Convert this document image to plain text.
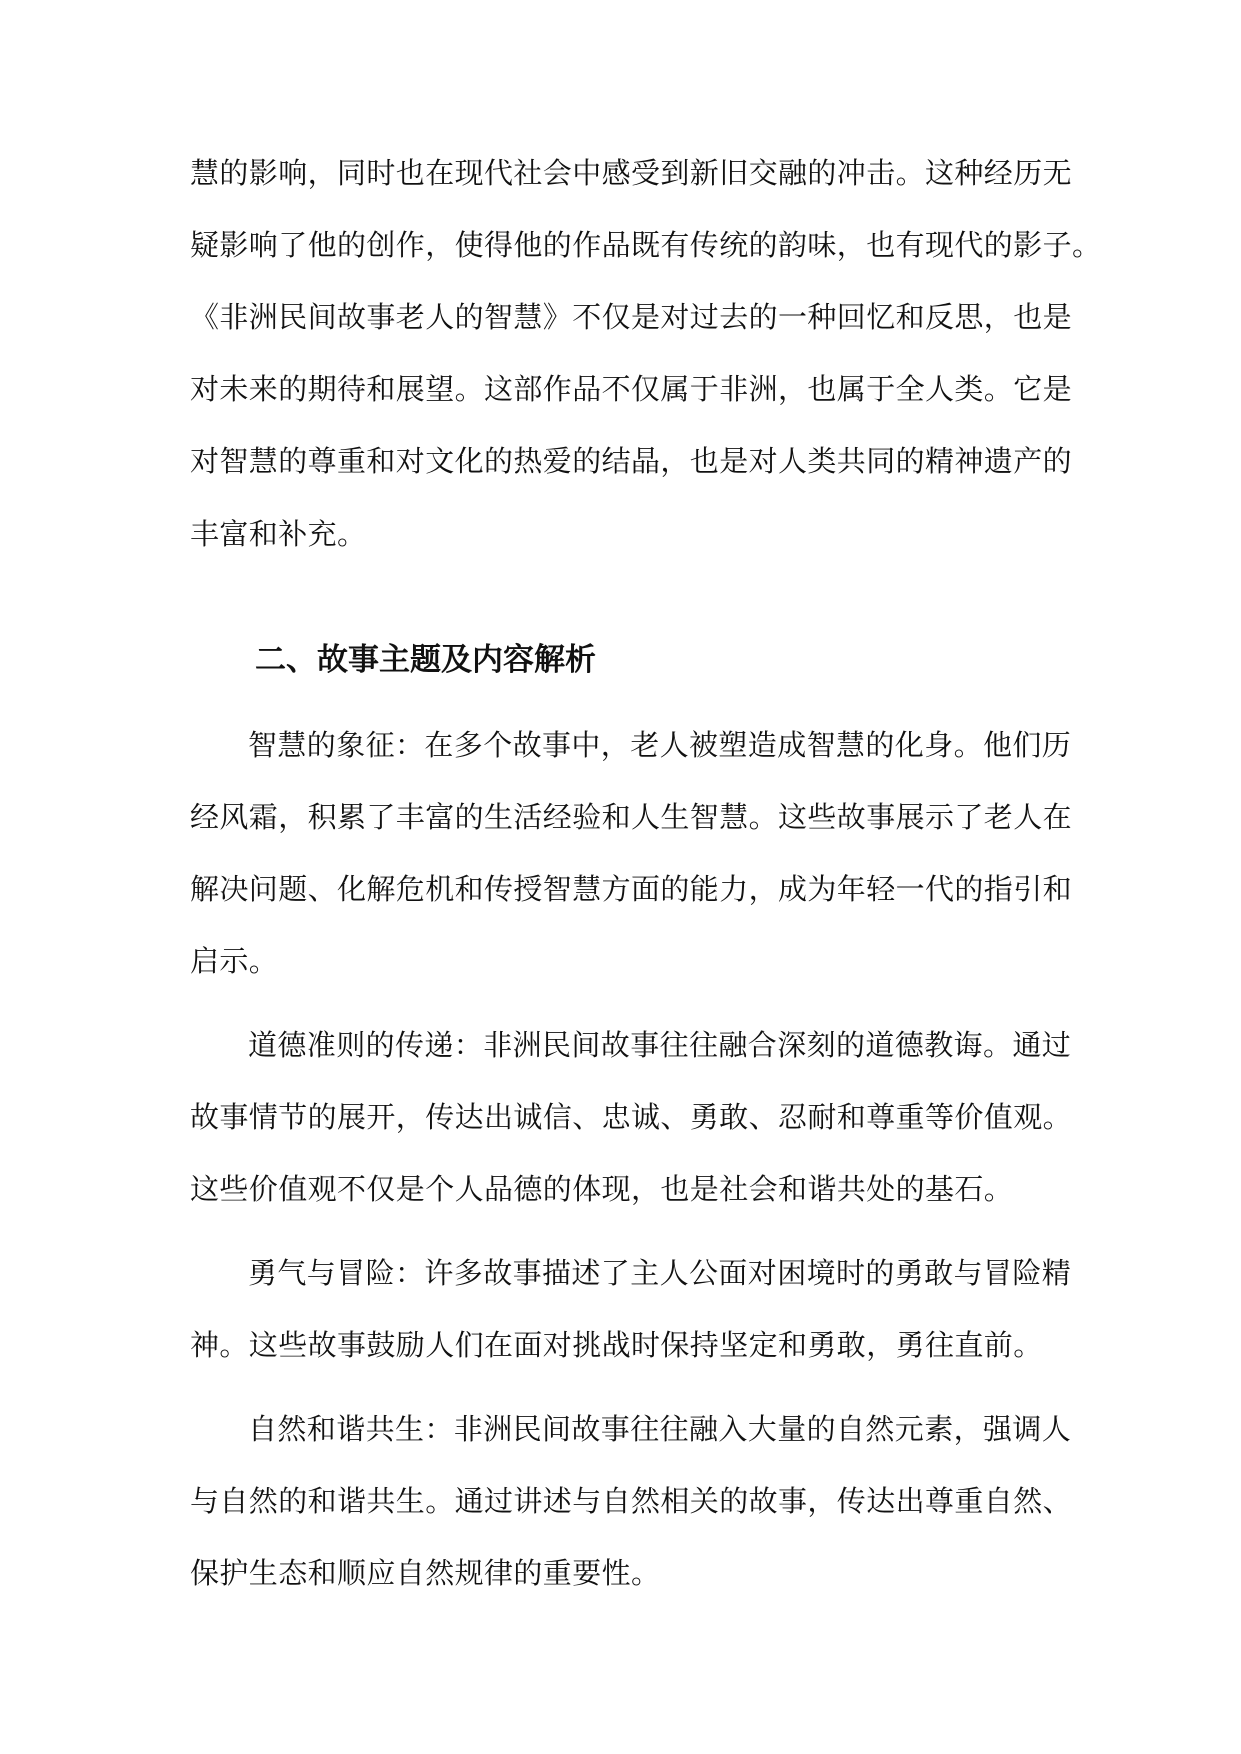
慧的影响，同时也在现代社会中感受到新旧交融的冲击。这种经历无
疑影响了他的创作，使得他的作品既有传统的韵味，也有现代的影子。
《非洲民间故事老人的智慧》不仅是对过去的一种回忆和反思，也是
对未来的期待和展望。这部作品不仅属于非洲，也属于全人类。它是
对智慧的尊重和对文化的热爱的结晶，也是对人类共同的精神遗产的
丰富和补充。
二、故事主题及内容解析
智慧的象征：在多个故事中，老人被塑造成智慧的化身。他们历
经风霜，积累了丰富的生活经验和人生智慧。这些故事展示了老人在
解决问题、化解危机和传授智慧方面的能力，成为年轻一代的指引和
启示。
道德准则的传递：非洲民间故事往往融合深刻的道德教诲。通过
故事情节的展开，传达出诚信、忠诚、勇敢、忍耐和尊重等价值观。
这些价值观不仅是个人品德的体现，也是社会和谐共处的基石。
勇气与冒险：许多故事描述了主人公面对困境时的勇敢与冒险精
神。这些故事鼓励人们在面对挑战时保持坚定和勇敢，勇往直前。
自然和谐共生：非洲民间故事往往融入大量的自然元素，强调人
与自然的和谐共生。通过讲述与自然相关的故事，传达出尊重自然、
保护生态和顺应自然规律的重要性。
